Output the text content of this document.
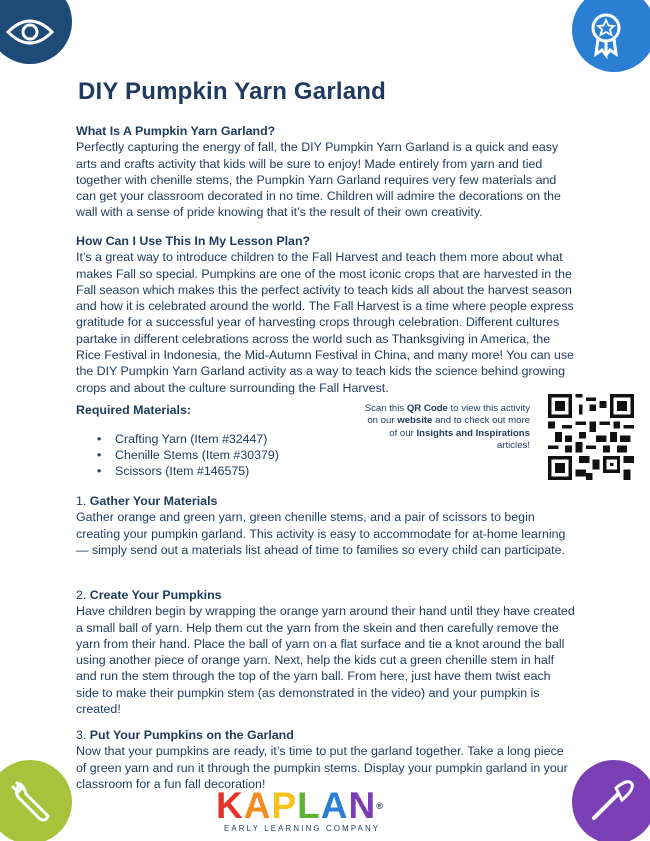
DIY Pumpkin Yarn Garland
What Is A Pumpkin Yarn Garland?

Perfectly capturing the energy of fall, the DIY Pumpkin Yarn Garland is a quick and easy arts and crafts activity that kids will be sure to enjoy! Made entirely from yarn and tied together with chenille stems, the Pumpkin Yarn Garland requires very few materials and can get your classroom decorated in no time. Children will admire the decorations on the wall with a sense of pride knowing that it’s the result of their own creativity.

How Can I Use This In My Lesson Plan?

It’s a great way to introduce children to the Fall Harvest and teach them more about what makes Fall so special. Pumpkins are one of the most iconic crops that are harvested in the Fall season which makes this the perfect activity to teach kids all about the harvest season and how it is celebrated around the world. The Fall Harvest is a time where people express gratitude for a successful year of harvesting crops through celebration. Different cultures partake in different celebrations across the world such as Thanksgiving in America, the Rice Festival in Indonesia, the Mid-Autumn Festival in China, and many more! You can use the DIY Pumpkin Yarn Garland activity as a way to teach kids the science behind growing crops and about the culture surrounding the Fall Harvest.

Required Materials:
• Crafting Yarn (Item #32447)
• Chenille Stems (Item #30379)
• Scissors (Item #146575)
Scan this QR Code to view this activity on our website and to check out more of our Insights and Inspirations articles!
1. Gather Your Materials

Gather orange and green yarn, green chenille stems, and a pair of scissors to begin creating your pumpkin garland. This activity is easy to accommodate for at-home learning — simply send out a materials list ahead of time to families so every child can participate.

2. Create Your Pumpkins

Have children begin by wrapping the orange yarn around their hand until they have created a small ball of yarn. Help them cut the yarn from the skein and then carefully remove the yarn from their hand. Place the ball of yarn on a flat surface and tie a knot around the ball using another piece of orange yarn. Next, help the kids cut a green chenille stem in half and run the stem through the top of the yarn ball. From here, just have them twist each side to make their pumpkin stem (as demonstrated in the video) and your pumpkin is created!

3. Put Your Pumpkins on the Garland

Now that your pumpkins are ready, it’s time to put the garland together. Take a long piece of green yarn and run it through the pumpkin stems. Display your pumpkin garland in your classroom for a fun fall decoration!

KAPLAN®
EARLY LEARNING COMPANY
